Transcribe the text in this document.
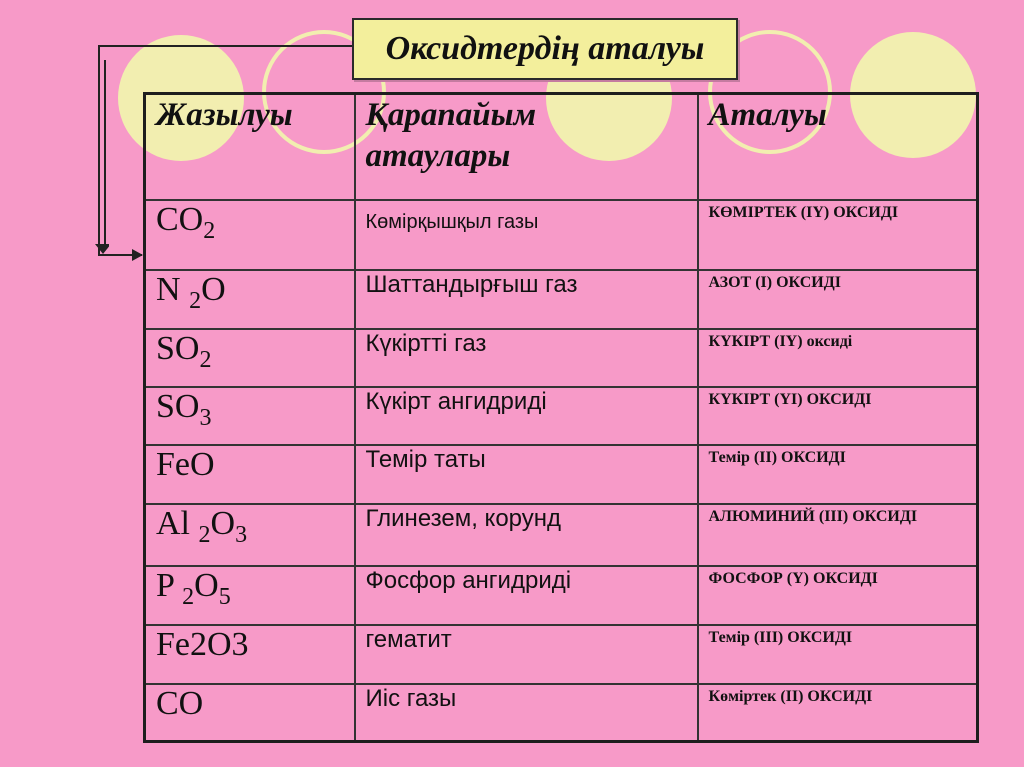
Оксидтердің аталуы
Жазылуы	Қарапайым атаулары	Аталуы
$CO_2$	Көмірқышқыл газы	КӨМІРТЕК (IY) ОКСИДІ
N $_2$O	Шаттандырғыш газ	АЗОТ (I) ОКСИДІ
$SO_2$	Күкіртті газ	КҮКІРТ (IY) оксиді
$SO_3$	Күкірт ангидриді	КҮКІРТ (YI) ОКСИДІ
FeO	Темір таты	Темір (II) ОКСИДІ
Al $_2O_3$	Глинезем, корунд	АЛЮМИНИЙ (III) ОКСИДІ
P $_2O_5$	Фосфор ангидриді	ФОСФОР (Y) ОКСИДІ
Fe2O3	гематит	Темір (III) ОКСИДІ
CO	Иіс газы	Көміртек (II) ОКСИДІ
